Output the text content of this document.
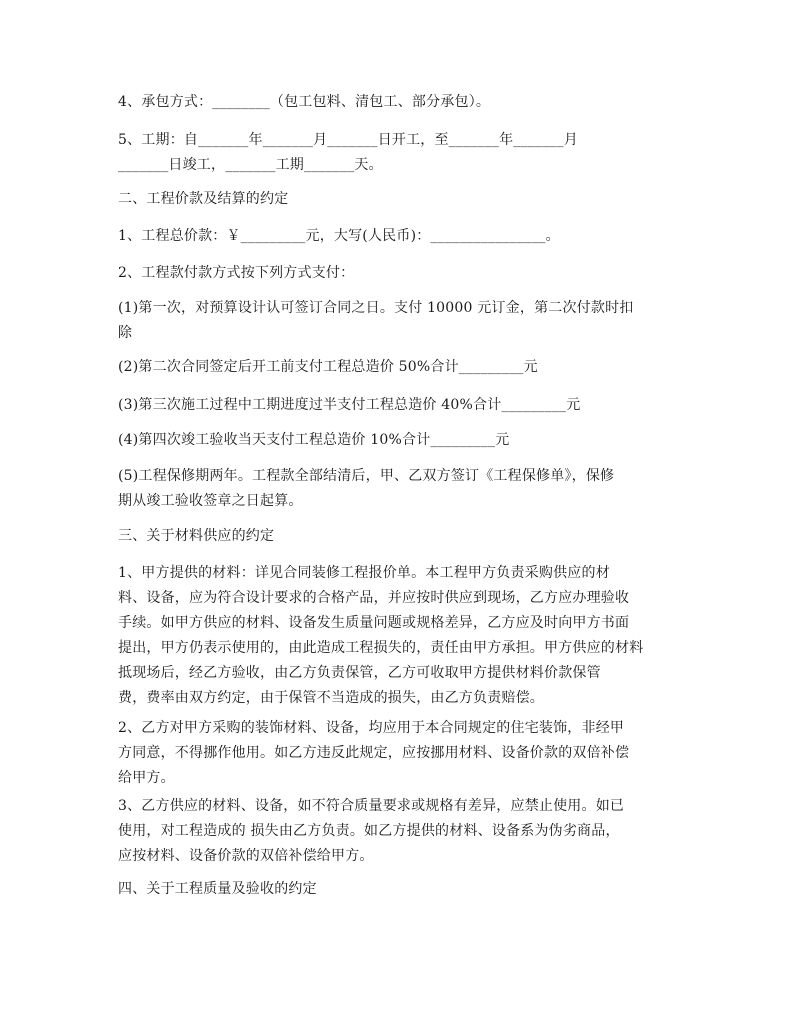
4、承包方式：________（包工包料、清包工、部分承包）。

5、工期：自_______年_______月_______日开工，至_______年_______月
_______日竣工，_______工期_______天。

二、工程价款及结算的约定

1、工程总价款：￥_________元，大写(人民币)：________________。

2、工程款付款方式按下列方式支付：

(1)第一次，对预算设计认可签订合同之日。支付 10000 元订金，第二次付款时扣
除

(2)第二次合同签定后开工前支付工程总造价 50%合计_________元

(3)第三次施工过程中工期进度过半支付工程总造价 40%合计_________元

(4)第四次竣工验收当天支付工程总造价 10%合计_________元

(5)工程保修期两年。工程款全部结清后，甲、乙双方签订《工程保修单》，保修
期从竣工验收签章之日起算。

三、关于材料供应的约定

1、甲方提供的材料：详见合同装修工程报价单。本工程甲方负责采购供应的材
料、设备，应为符合设计要求的合格产品，并应按时供应到现场，乙方应办理验收
手续。如甲方供应的材料、设备发生质量问题或规格差异，乙方应及时向甲方书面
提出，甲方仍表示使用的，由此造成工程损失的，责任由甲方承担。甲方供应的材料
抵现场后，经乙方验收，由乙方负责保管，乙方可收取甲方提供材料价款保管
费，费率由双方约定，由于保管不当造成的损失，由乙方负责赔偿。

2、乙方对甲方采购的装饰材料、设备，均应用于本合同规定的住宅装饰，非经甲
方同意，不得挪作他用。如乙方违反此规定，应按挪用材料、设备价款的双倍补偿
给甲方。

3、乙方供应的材料、设备，如不符合质量要求或规格有差异，应禁止使用。如已
使用，对工程造成的 损失由乙方负责。如乙方提供的材料、设备系为伪劣商品，
应按材料、设备价款的双倍补偿给甲方。

四、关于工程质量及验收的约定
